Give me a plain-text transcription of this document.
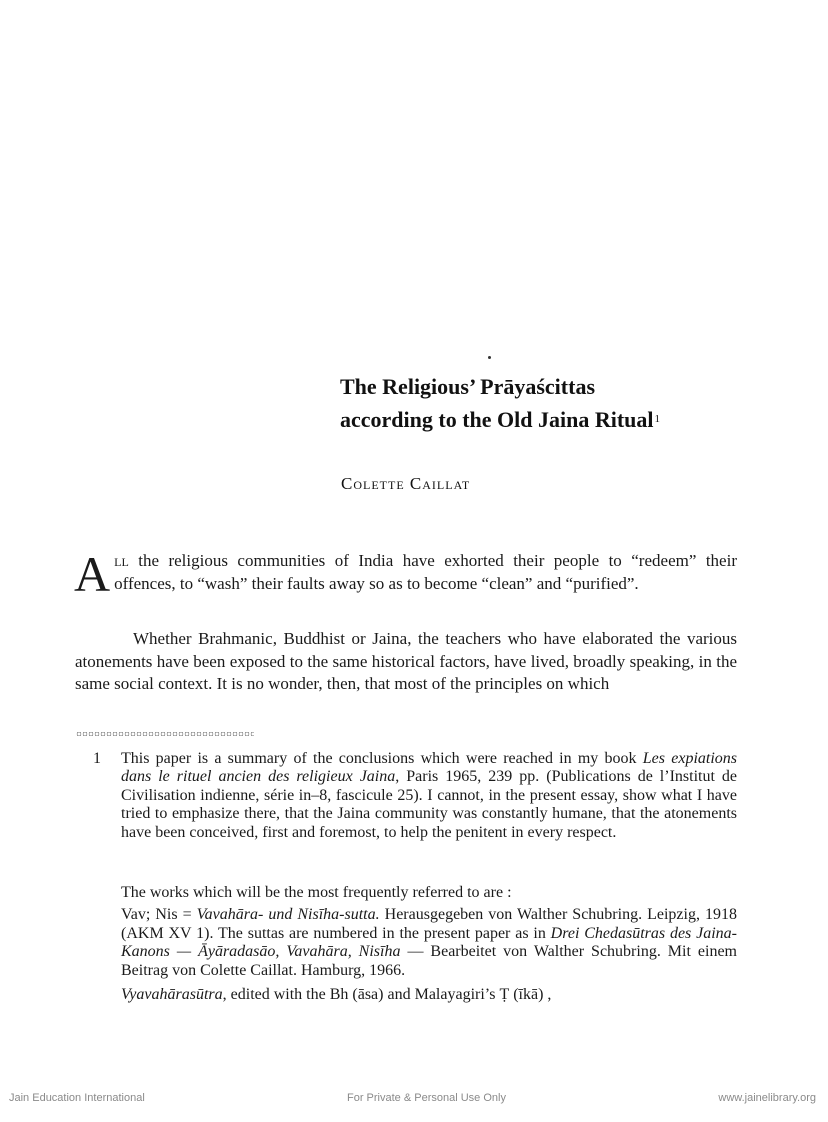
The Religious’ Prāyaścittas
according to the Old Jaina Ritual$^1$
Colette Caillat
All the religious communities of India have exhorted their people to “redeem” their offences, to “wash” their faults away so as to become “clean” and “purified”.
Whether Brahmanic, Buddhist or Jaina, the teachers who have elaborated the various atonements have been exposed to the same historical factors, have lived, broadly speaking, in the same social context. It is no wonder, then, that most of the principles on which
1 This paper is a summary of the conclusions which were reached in my book Les expiations dans le rituel ancien des religieux Jaina, Paris 1965, 239 pp. (Publications de l’Institut de Civilisation indienne, série in–8, fascicule 25). I cannot, in the present essay, show what I have tried to emphasize there, that the Jaina community was constantly humane, that the atonements have been conceived, first and foremost, to help the penitent in every respect.

The works which will be the most frequently referred to are :

Vav; Nis = Vavahāra- und Nisīha-sutta. Herausgegeben von Walther Schubring. Leipzig, 1918 (AKM XV 1). The suttas are numbered in the present paper as in Drei Chedasūtras des Jaina-Kanons — Āyāradasāo, Vavahāra, Nisīha — Bearbeitet von Walther Schubring. Mit einem Beitrag von Colette Caillat. Hamburg, 1966.

Vyavahārasūtra, edited with the Bh (āsa) and Malayagiri’s Ṭ (īkā) ,

Jain Education International	For Private & Personal Use Only	www.jainelibrary.org
